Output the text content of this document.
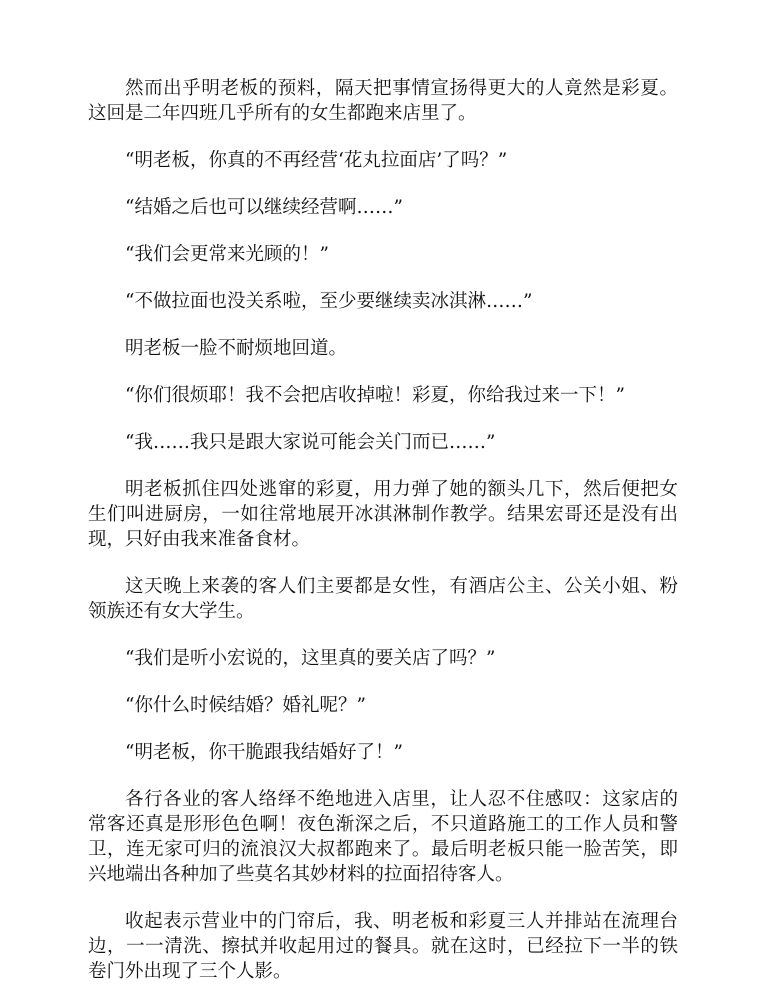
然而出乎明老板的预料，隔天把事情宣扬得更大的人竟然是彩夏。这回是二年四班几乎所有的女生都跑来店里了。

“明老板，你真的不再经营‘花丸拉面店’了吗？”

“结婚之后也可以继续经营啊……”

“我们会更常来光顾的！”

“不做拉面也没关系啦，至少要继续卖冰淇淋……”

明老板一脸不耐烦地回道。

“你们很烦耶！我不会把店收掉啦！彩夏，你给我过来一下！”

“我……我只是跟大家说可能会关门而已……”

明老板抓住四处逃窜的彩夏，用力弹了她的额头几下，然后便把女生们叫进厨房，一如往常地展开冰淇淋制作教学。结果宏哥还是没有出现，只好由我来准备食材。

这天晚上来袭的客人们主要都是女性，有酒店公主、公关小姐、粉领族还有女大学生。

“我们是听小宏说的，这里真的要关店了吗？”

“你什么时候结婚？婚礼呢？”

“明老板，你干脆跟我结婚好了！”

各行各业的客人络绎不绝地进入店里，让人忍不住感叹：这家店的常客还真是形形色色啊！夜色渐深之后，不只道路施工的工作人员和警卫，连无家可归的流浪汉大叔都跑来了。最后明老板只能一脸苦笑，即兴地端出各种加了些莫名其妙材料的拉面招待客人。

收起表示营业中的门帘后，我、明老板和彩夏三人并排站在流理台边，一一清洗、擦拭并收起用过的餐具。就在这时，已经拉下一半的铁卷门外出现了三个人影。
